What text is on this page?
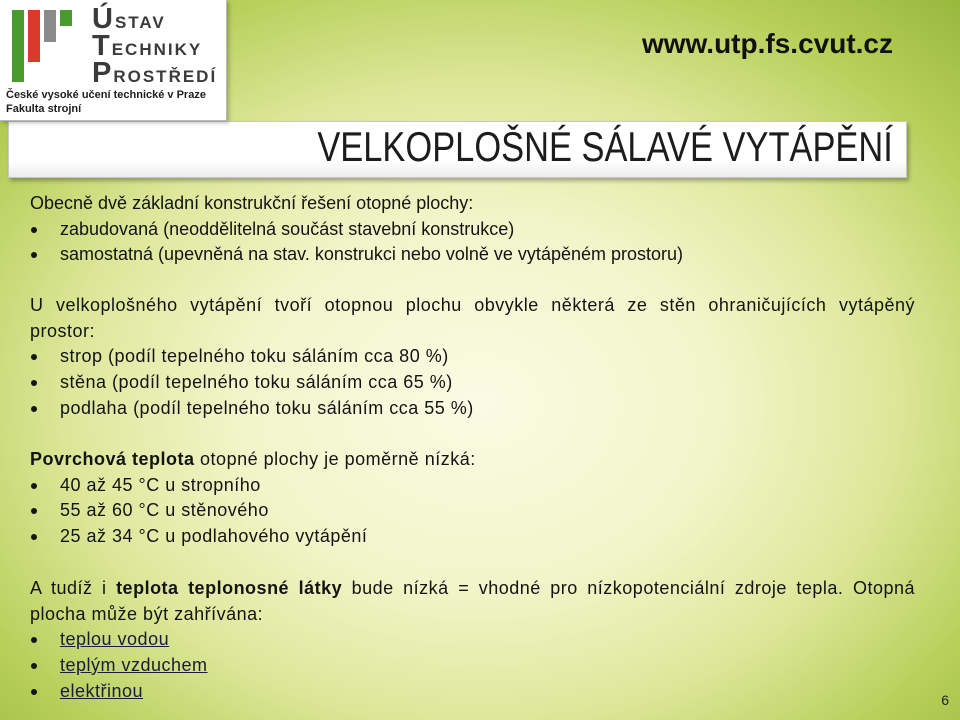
ÚSTAV
TECHNIKY
PROSTŘEDÍ
České vysoké učení technické v Praze
Fakulta strojní
www.utp.fs.cvut.cz
VELKOPLOŠNÉ SÁLAVÉ VYTÁPĚNÍ
Obecně dvě základní konstrukční řešení otopné plochy:
zabudovaná (neoddělitelná součást stavební konstrukce)
samostatná (upevněná na stav. konstrukci nebo volně ve vytápěném prostoru)
U velkoplošného vytápění tvoří otopnou plochu obvykle některá ze stěn ohraničujících vytápěný
prostor:
strop (podíl tepelného toku sáláním cca 80 %)
stěna (podíl tepelného toku sáláním cca 65 %)
podlaha (podíl tepelného toku sáláním cca 55 %)
Povrchová teplota otopné plochy je poměrně nízká:
40 až 45 °C u stropního
55 až 60 °C u stěnového
25 až 34 °C u podlahového vytápění
A tudíž i teplota teplonosné látky bude nízká = vhodné pro nízkopotenciální zdroje tepla. Otopná
plocha může být zahřívána:
teplou vodou
teplým vzduchem
elektřinou	6
